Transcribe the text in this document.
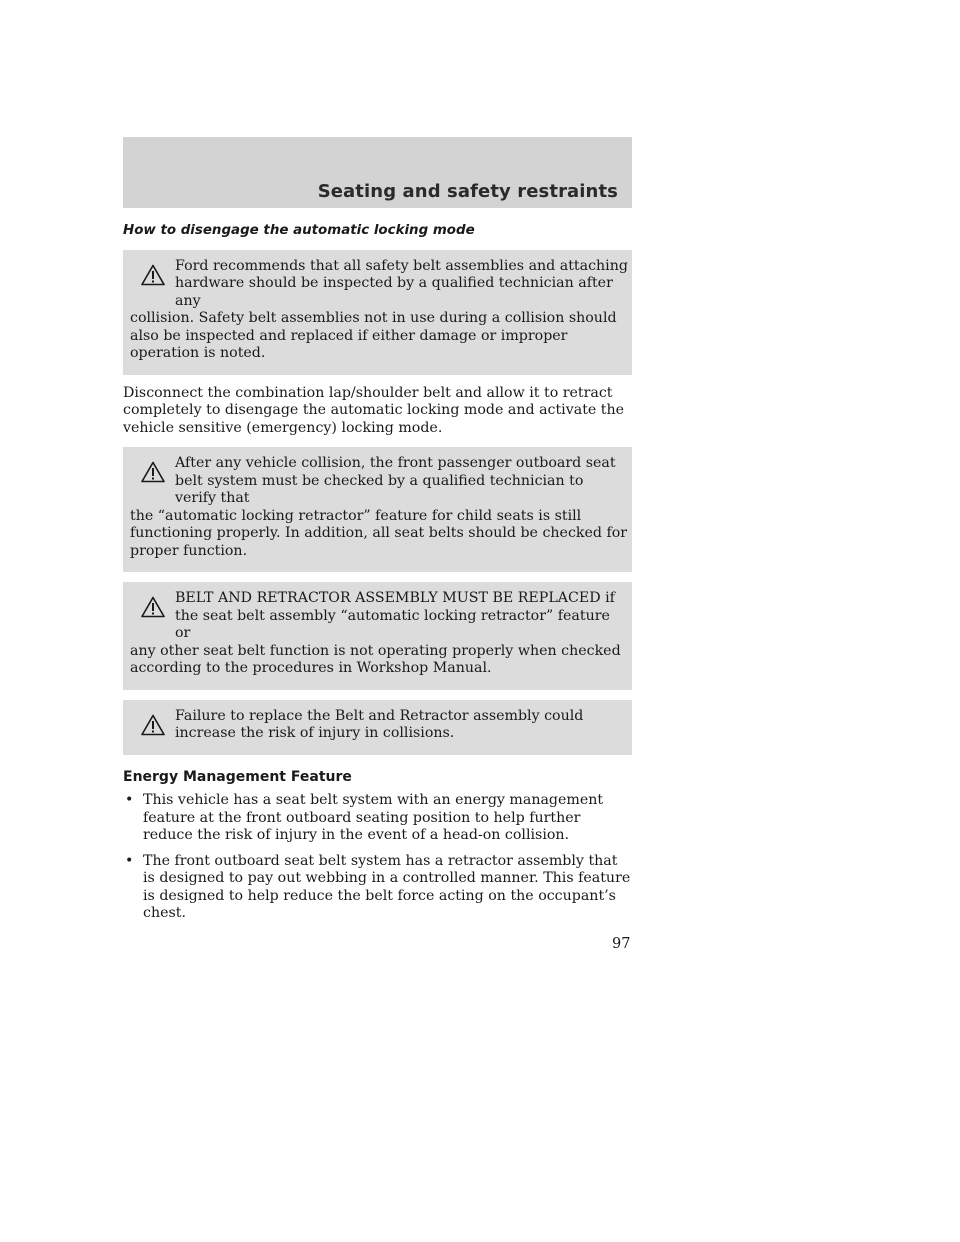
Seating and safety restraints
How to disengage the automatic locking mode
Ford recommends that all safety belt assemblies and attaching hardware should be inspected by a qualified technician after any
collision. Safety belt assemblies not in use during a collision should also be inspected and replaced if either damage or improper operation is noted.
Disconnect the combination lap/shoulder belt and allow it to retract completely to disengage the automatic locking mode and activate the vehicle sensitive (emergency) locking mode.
After any vehicle collision, the front passenger outboard seat belt system must be checked by a qualified technician to verify that
the “automatic locking retractor” feature for child seats is still functioning properly. In addition, all seat belts should be checked for proper function.
BELT AND RETRACTOR ASSEMBLY MUST BE REPLACED if the seat belt assembly “automatic locking retractor” feature or
any other seat belt function is not operating properly when checked according to the procedures in Workshop Manual.
Failure to replace the Belt and Retractor assembly could increase the risk of injury in collisions.
Energy Management Feature
• This vehicle has a seat belt system with an energy management feature at the front outboard seating position to help further reduce the risk of injury in the event of a head-on collision.
• The front outboard seat belt system has a retractor assembly that is designed to pay out webbing in a controlled manner. This feature is designed to help reduce the belt force acting on the occupant’s chest.
97
